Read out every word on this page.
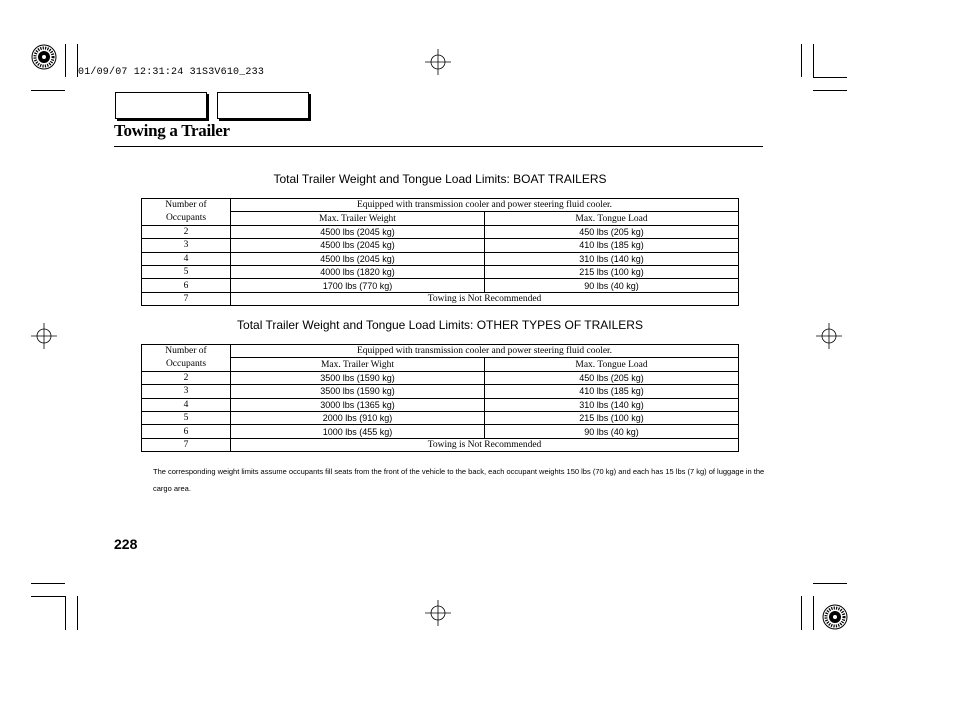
01/09/07 12:31:24 31S3V610_233
Towing a Trailer
Total Trailer Weight and Tongue Load Limits: BOAT TRAILERS
Number of
Occupants	Equipped with transmission cooler and power steering fluid cooler.	
	Max. Trailer Weight	Max. Tongue Load
2	4500 lbs (2045 kg)	450 lbs (205 kg)
3	4500 lbs (2045 kg)	410 lbs (185 kg)
4	4500 lbs (2045 kg)	310 lbs (140 kg)
5	4000 lbs (1820 kg)	215 lbs (100 kg)
6	1700 lbs (770 kg)	90 lbs (40 kg)
7	Towing is Not Recommended	
Total Trailer Weight and Tongue Load Limits: OTHER TYPES OF TRAILERS
Number of
Occupants	Equipped with transmission cooler and power steering fluid cooler.	
	Max. Trailer Wight	Max. Tongue Load
2	3500 lbs (1590 kg)	450 lbs (205 kg)
3	3500 lbs (1590 kg)	410 lbs (185 kg)
4	3000 lbs (1365 kg)	310 lbs (140 kg)
5	2000 lbs (910 kg)	215 lbs (100 kg)
6	1000 lbs (455 kg)	90 lbs (40 kg)
7	Towing is Not Recommended	
The corresponding weight limits assume occupants fill seats from the front of the vehicle to the back, each occupant weights 150 lbs (70 kg) and each has 15 lbs (7 kg) of luggage in the cargo area.
228
